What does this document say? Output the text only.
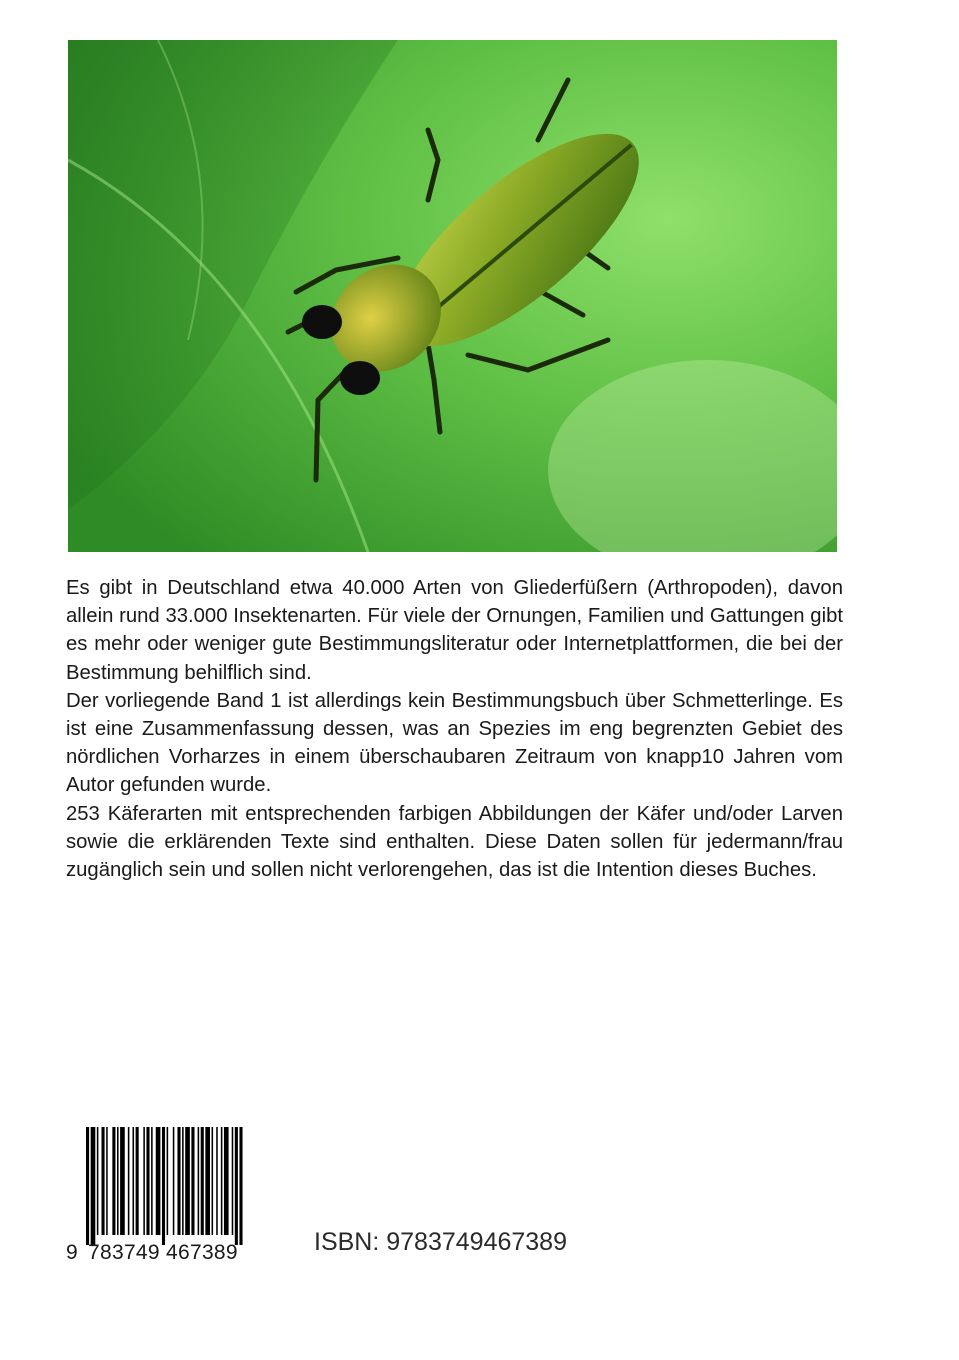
Es gibt in Deutschland etwa 40.000 Arten von Gliederfüßern (Arthropoden), davon allein rund 33.000 Insektenarten. Für viele der Ornungen, Familien und Gattungen gibt es mehr oder weniger gute Bestimmungsliteratur oder Internetplattformen, die bei der Bestimmung behilflich sind.

Der vorliegende Band 1 ist allerdings kein Bestimmungsbuch über Schmetterlinge. Es ist eine Zusammenfassung dessen, was an Spezies im eng begrenzten Gebiet des nördlichen Vorharzes in einem überschaubaren Zeitraum von knapp10 Jahren vom Autor gefunden wurde.

253 Käferarten mit entsprechenden farbigen Abbildungen der Käfer und/oder Larven sowie die erklärenden Texte sind enthalten. Diese Daten sollen für jedermann/frau zugänglich sein und sollen nicht verlorengehen, das ist die Intention dieses Buches.

9 783749 467389	ISBN: 9783749467389
